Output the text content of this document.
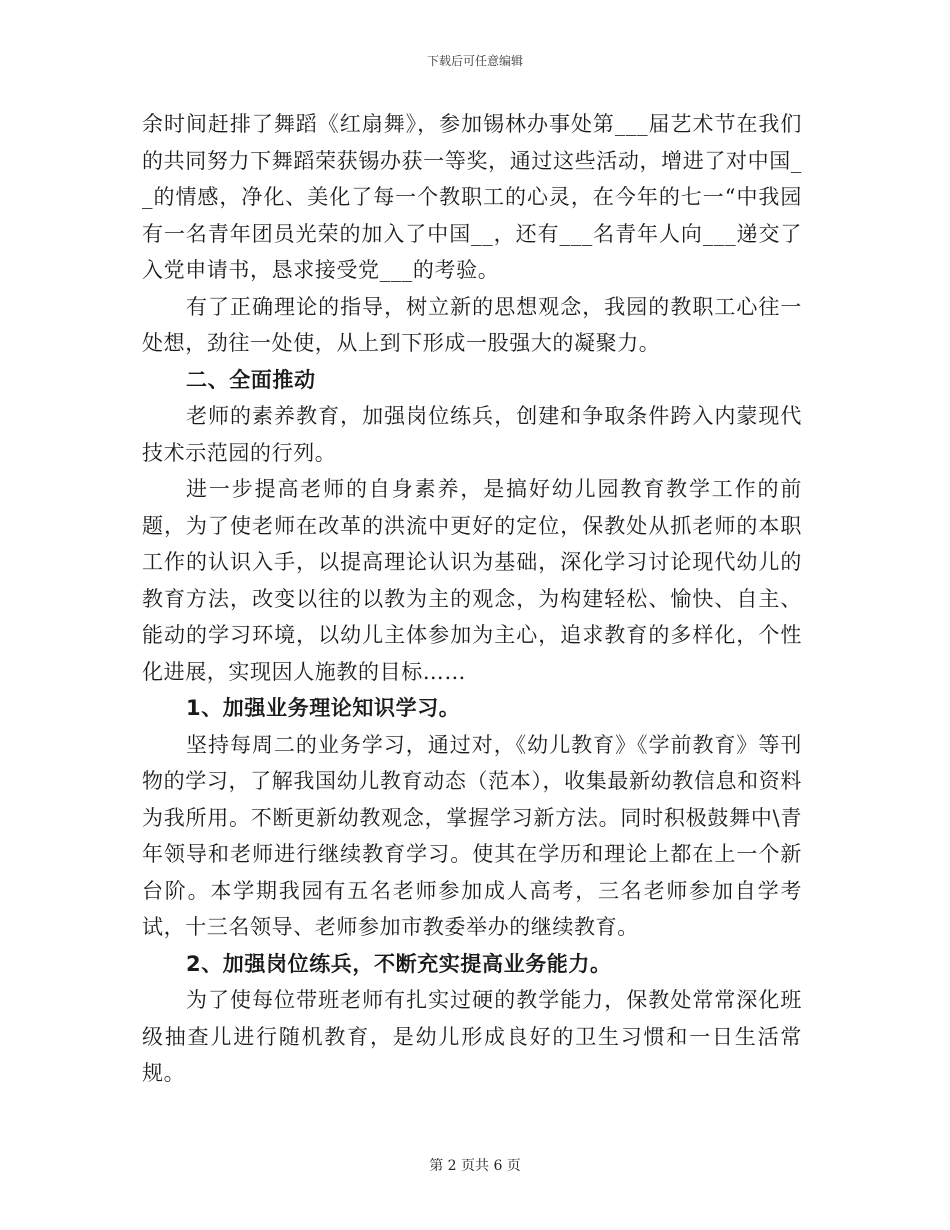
下载后可任意编辑

余时间赶排了舞蹈《红扇舞》，参加锡林办事处第___届艺术节在我们的共同努力下舞蹈荣获锡办获一等奖，通过这些活动，增进了对中国__的情感，净化、美化了每一个教职工的心灵，在今年的七一“中我园有一名青年团员光荣的加入了中国__，还有___名青年人向___递交了入党申请书，恳求接受党___的考验。

有了正确理论的指导，树立新的思想观念，我园的教职工心往一处想，劲往一处使，从上到下形成一股强大的凝聚力。

二、全面推动

老师的素养教育，加强岗位练兵，创建和争取条件跨入内蒙现代技术示范园的行列。

进一步提高老师的自身素养，是搞好幼儿园教育教学工作的前题，为了使老师在改革的洪流中更好的定位，保教处从抓老师的本职工作的认识入手，以提高理论认识为基础，深化学习讨论现代幼儿的教育方法，改变以往的以教为主的观念，为构建轻松、愉快、自主、能动的学习环境，以幼儿主体参加为主心，追求教育的多样化，个性化进展，实现因人施教的目标……

1、加强业务理论知识学习。

坚持每周二的业务学习，通过对，《幼儿教育》《学前教育》等刊物的学习，了解我国幼儿教育动态（范本），收集最新幼教信息和资料为我所用。不断更新幼教观念，掌握学习新方法。同时积极鼓舞中\青年领导和老师进行继续教育学习。使其在学历和理论上都在上一个新台阶。本学期我园有五名老师参加成人高考，三名老师参加自学考试，十三名领导、老师参加市教委举办的继续教育。

2、加强岗位练兵，不断充实提高业务能力。

为了使每位带班老师有扎实过硬的教学能力，保教处常常深化班级抽查儿进行随机教育，是幼儿形成良好的卫生习惯和一日生活常规。

第 2 页共 6 页
